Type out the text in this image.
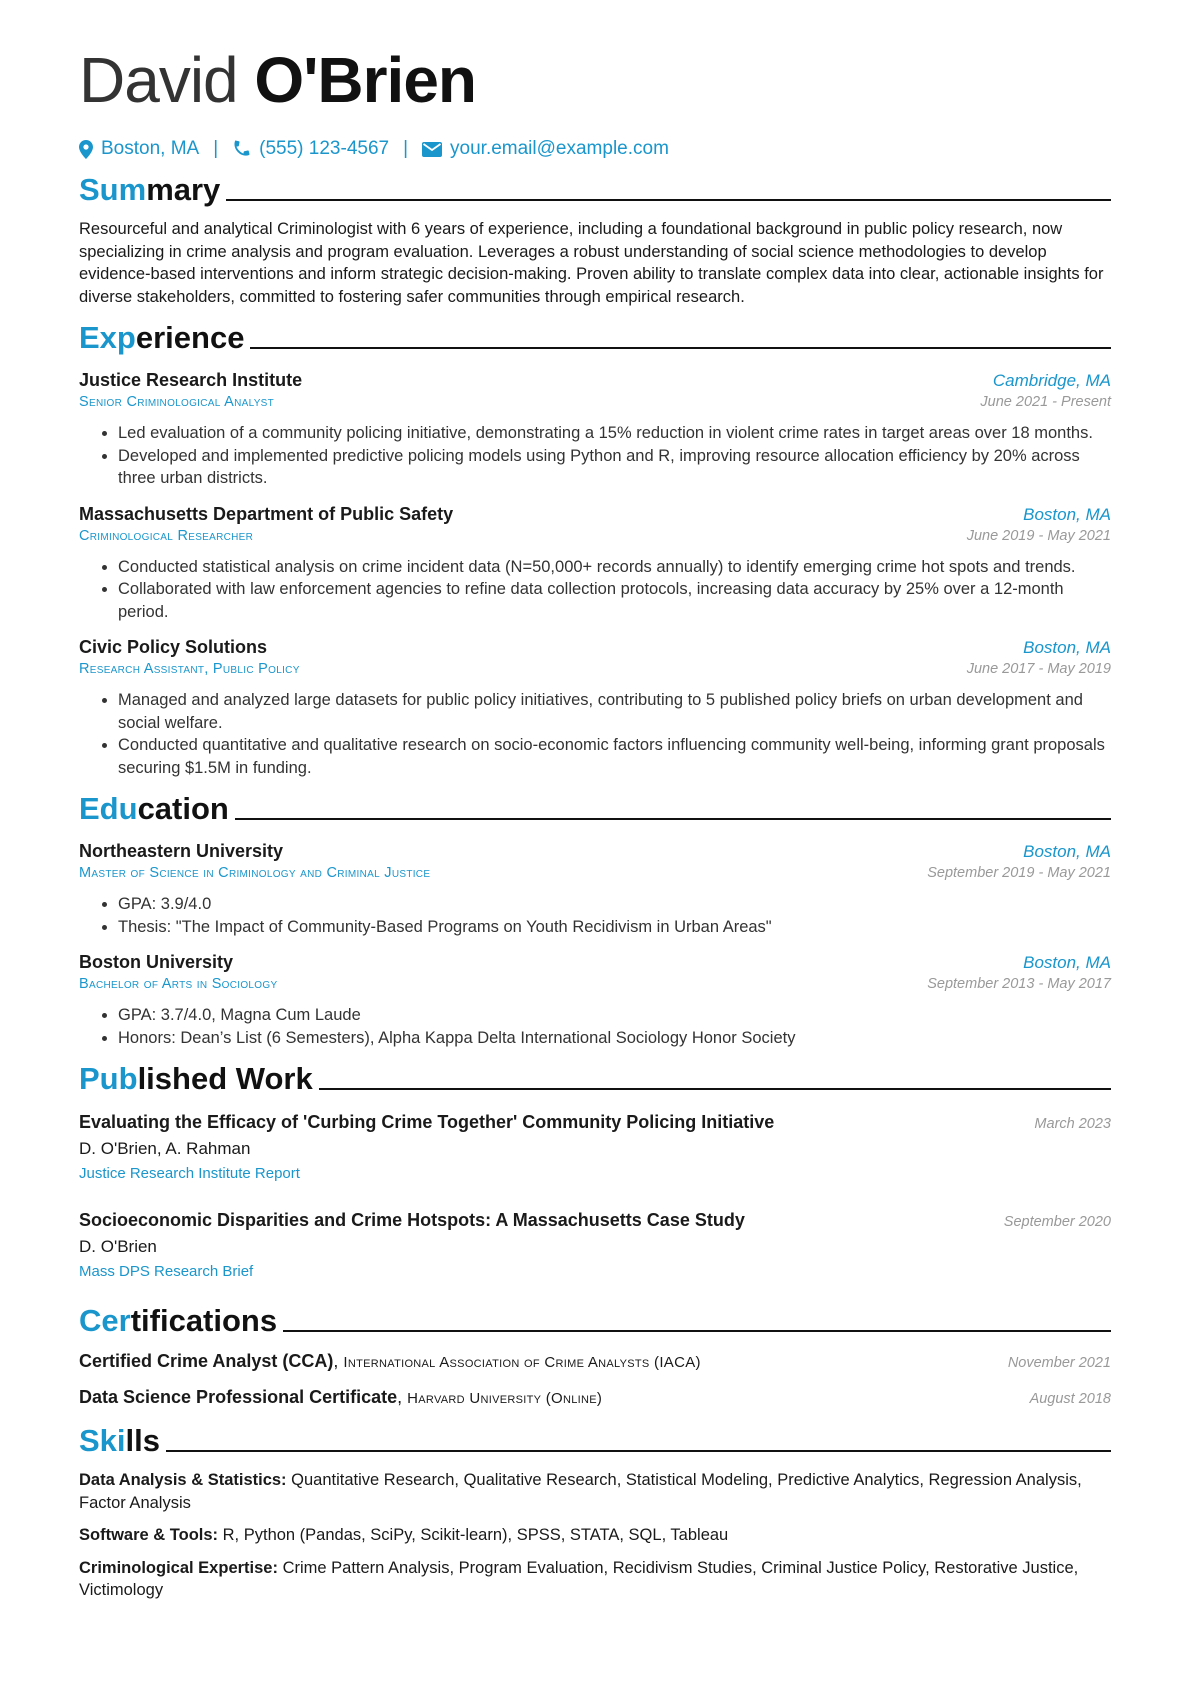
David O'Brien
Boston, MA | (555) 123-4567 | your.email@example.com
Summary

Resourceful and analytical Criminologist with 6 years of experience, including a foundational background in public policy research, now specializing in crime analysis and program evaluation. Leverages a robust understanding of social science methodologies to develop evidence-based interventions and inform strategic decision-making. Proven ability to translate complex data into clear, actionable insights for diverse stakeholders, committed to fostering safer communities through empirical research.

Experience
Justice Research Institute	Cambridge, MA
Senior Criminological Analyst	June 2021 - Present
• Led evaluation of a community policing initiative, demonstrating a 15% reduction in violent crime rates in target areas over 18 months.
• Developed and implemented predictive policing models using Python and R, improving resource allocation efficiency by 20% across three urban districts.
Massachusetts Department of Public Safety	Boston, MA
Criminological Researcher	June 2019 - May 2021
• Conducted statistical analysis on crime incident data (N=50,000+ records annually) to identify emerging crime hot spots and trends.
• Collaborated with law enforcement agencies to refine data collection protocols, increasing data accuracy by 25% over a 12-month period.
Civic Policy Solutions	Boston, MA
Research Assistant, Public Policy	June 2017 - May 2019
• Managed and analyzed large datasets for public policy initiatives, contributing to 5 published policy briefs on urban development and social welfare.
• Conducted quantitative and qualitative research on socio-economic factors influencing community well-being, informing grant proposals securing $1.5M in funding.
Education
Northeastern University	Boston, MA
Master of Science in Criminology and Criminal Justice	September 2019 - May 2021
• GPA: 3.9/4.0
• Thesis: "The Impact of Community-Based Programs on Youth Recidivism in Urban Areas"
Boston University	Boston, MA
Bachelor of Arts in Sociology	September 2013 - May 2017
• GPA: 3.7/4.0, Magna Cum Laude
• Honors: Dean’s List (6 Semesters), Alpha Kappa Delta International Sociology Honor Society
Published Work
Evaluating the Efficacy of 'Curbing Crime Together' Community Policing Initiative	March 2023
D. O'Brien, A. Rahman
Justice Research Institute Report
Socioeconomic Disparities and Crime Hotspots: A Massachusetts Case Study	September 2020
D. O'Brien
Mass DPS Research Brief
Certifications
Certified Crime Analyst (CCA), International Association of Crime Analysts (IACA)	November 2021
Data Science Professional Certificate, Harvard University (Online)	August 2018
Skills
Data Analysis & Statistics: Quantitative Research, Qualitative Research, Statistical Modeling, Predictive Analytics, Regression Analysis, Factor Analysis
Software & Tools: R, Python (Pandas, SciPy, Scikit-learn), SPSS, STATA, SQL, Tableau
Criminological Expertise: Crime Pattern Analysis, Program Evaluation, Recidivism Studies, Criminal Justice Policy, Restorative Justice, Victimology
